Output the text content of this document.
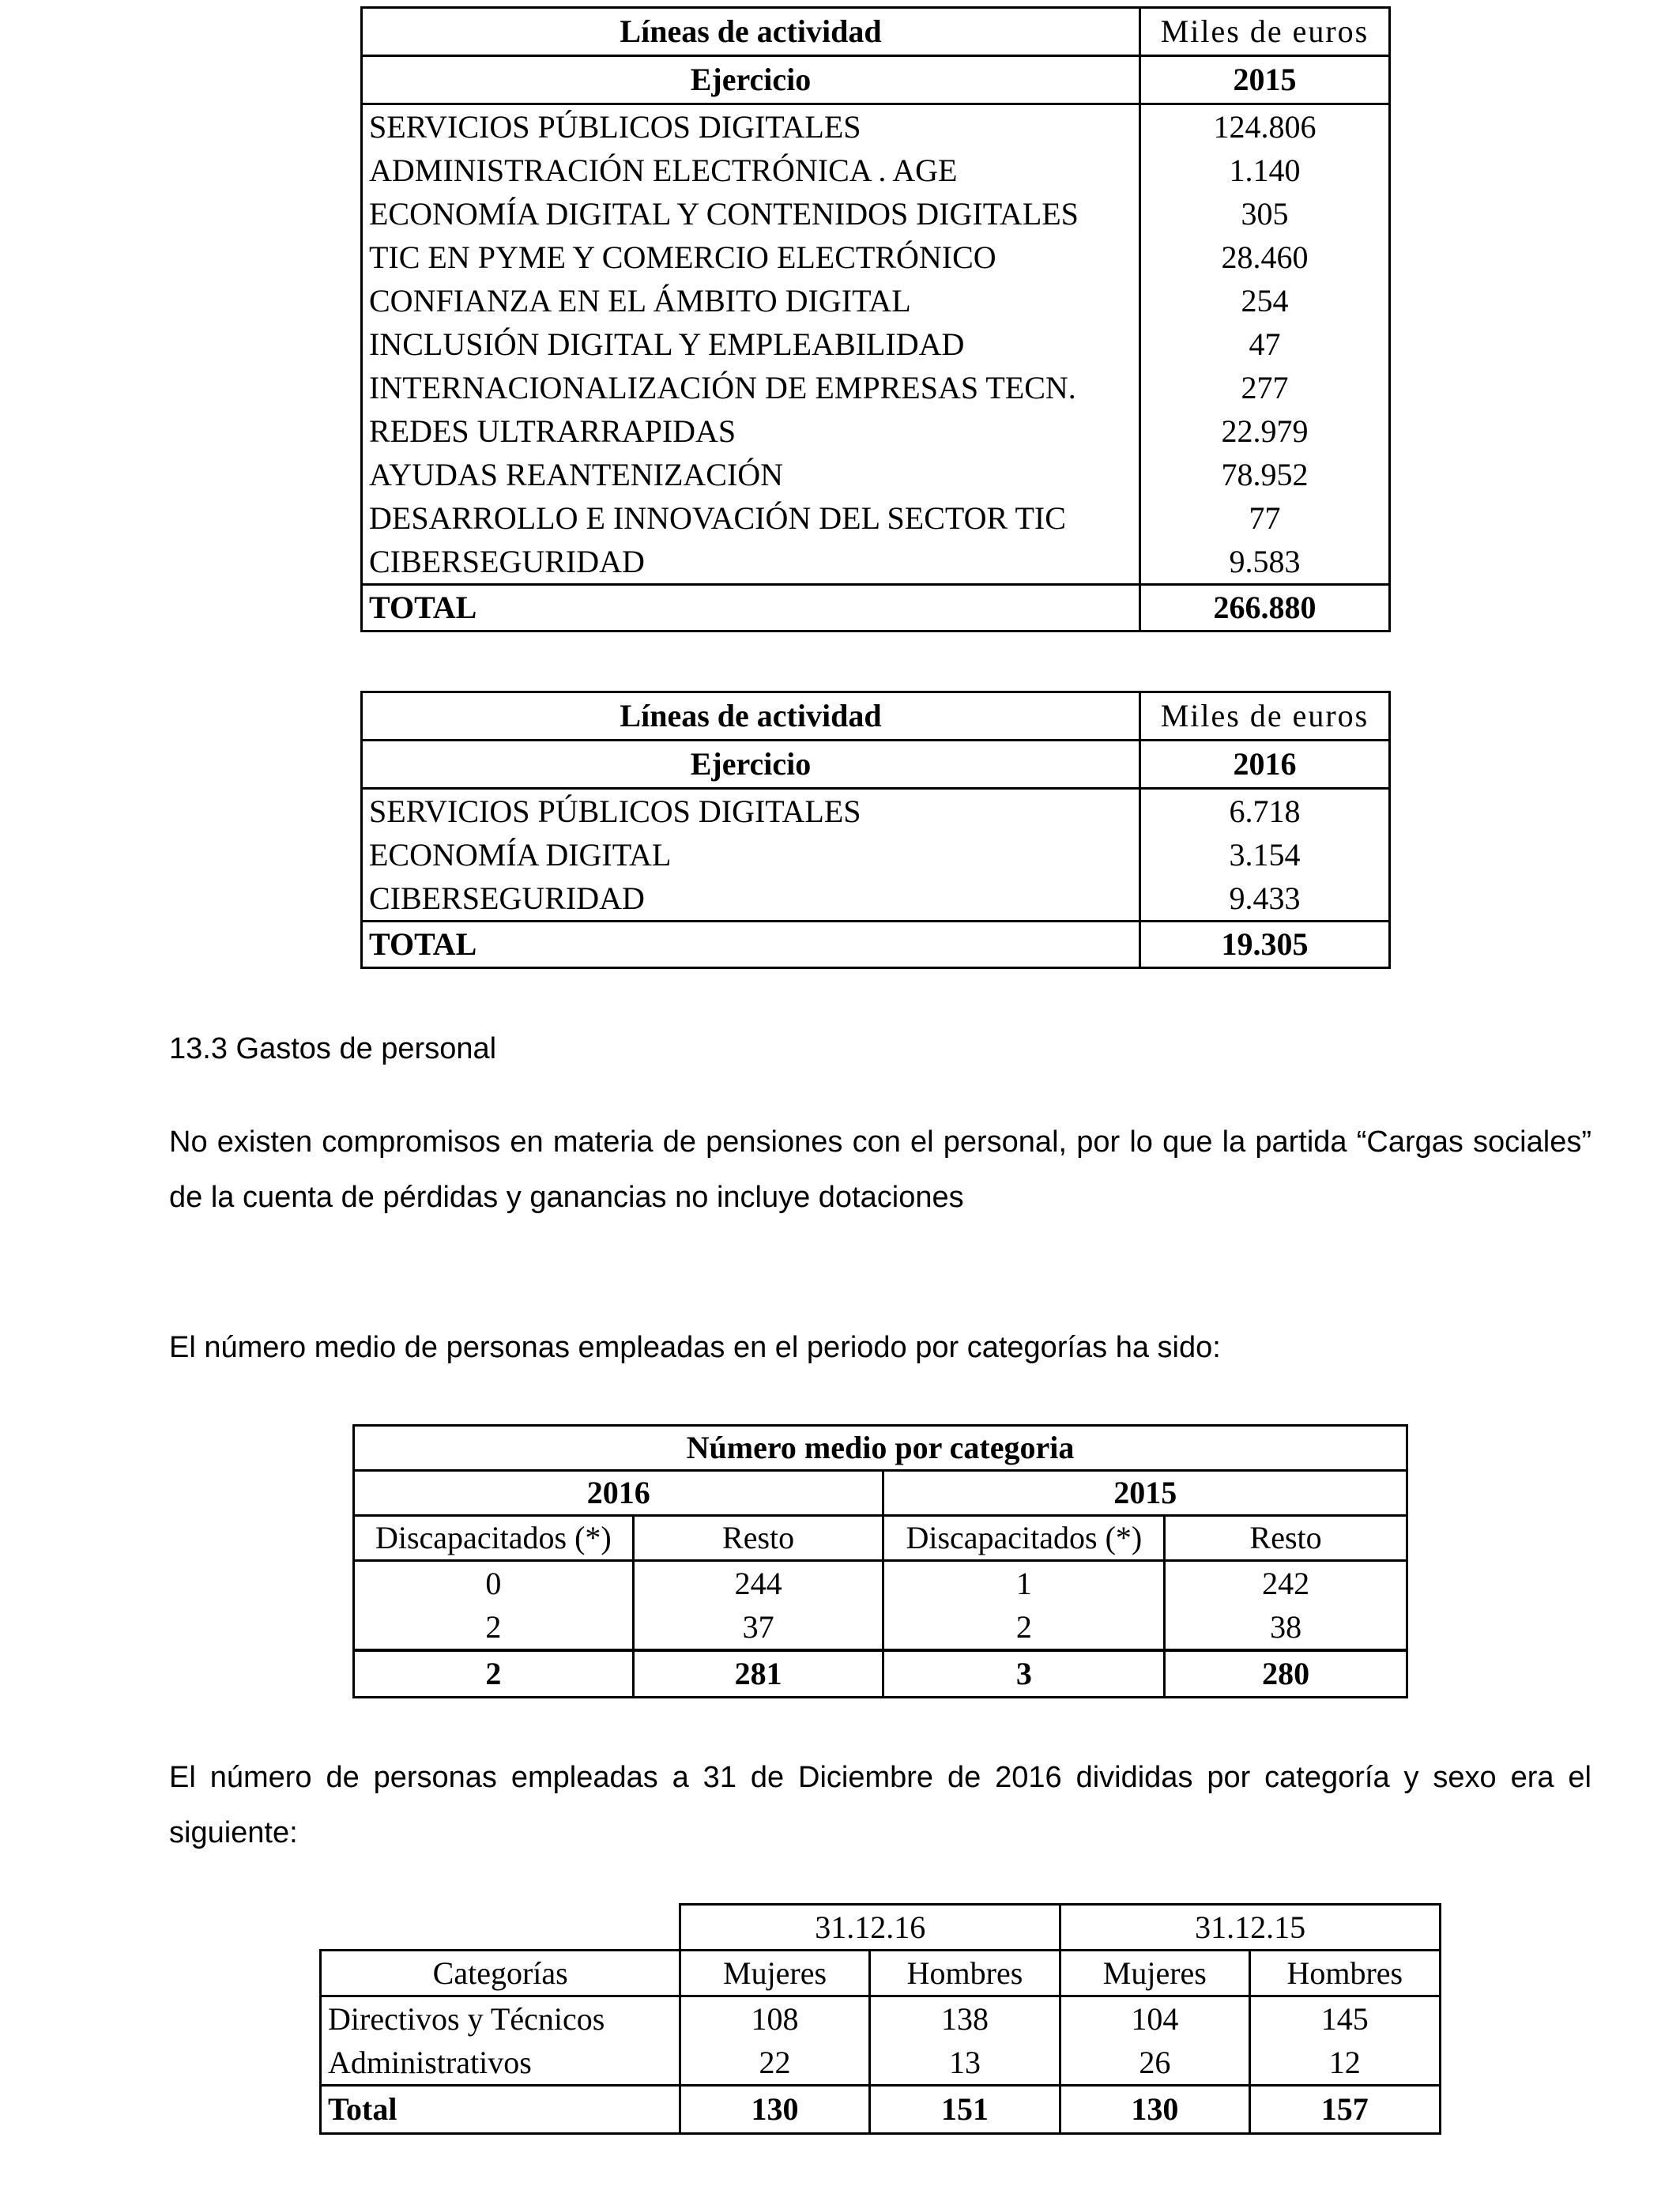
Líneas de actividad	Miles de euros
Ejercicio	2015
SERVICIOS PÚBLICOS DIGITALES	124.806
ADMINISTRACIÓN ELECTRÓNICA . AGE	1.140
ECONOMÍA DIGITAL Y CONTENIDOS DIGITALES	305
TIC EN PYME Y COMERCIO ELECTRÓNICO	28.460
CONFIANZA EN EL ÁMBITO DIGITAL	254
INCLUSIÓN DIGITAL Y EMPLEABILIDAD	47
INTERNACIONALIZACIÓN DE EMPRESAS TECN.	277
REDES ULTRARRAPIDAS	22.979
AYUDAS REANTENIZACIÓN	78.952
DESARROLLO E INNOVACIÓN DEL SECTOR TIC	77
CIBERSEGURIDAD	9.583
TOTAL	266.880
Líneas de actividad	Miles de euros
Ejercicio	2016
SERVICIOS PÚBLICOS DIGITALES	6.718
ECONOMÍA DIGITAL	3.154
CIBERSEGURIDAD	9.433
TOTAL	19.305

13.3 Gastos de personal

No existen compromisos en materia de pensiones con el personal, por lo que la partida “Cargas sociales” de la cuenta de pérdidas y ganancias no incluye dotaciones

El número medio de personas empleadas en el periodo por categorías ha sido:

Número medio por categoria			
2016		2015	
Discapacitados (*)	Resto	Discapacitados (*)	Resto
0	244	1	242
2	37	2	38
2	281	3	280

El número de personas empleadas a 31 de Diciembre de 2016 divididas por categoría y sexo era el siguiente:

	31.12.16		31.12.15	
Categorías	Mujeres	Hombres	Mujeres	Hombres
Directivos y Técnicos	108	138	104	145
Administrativos	22	13	26	12
Total	130	151	130	157
